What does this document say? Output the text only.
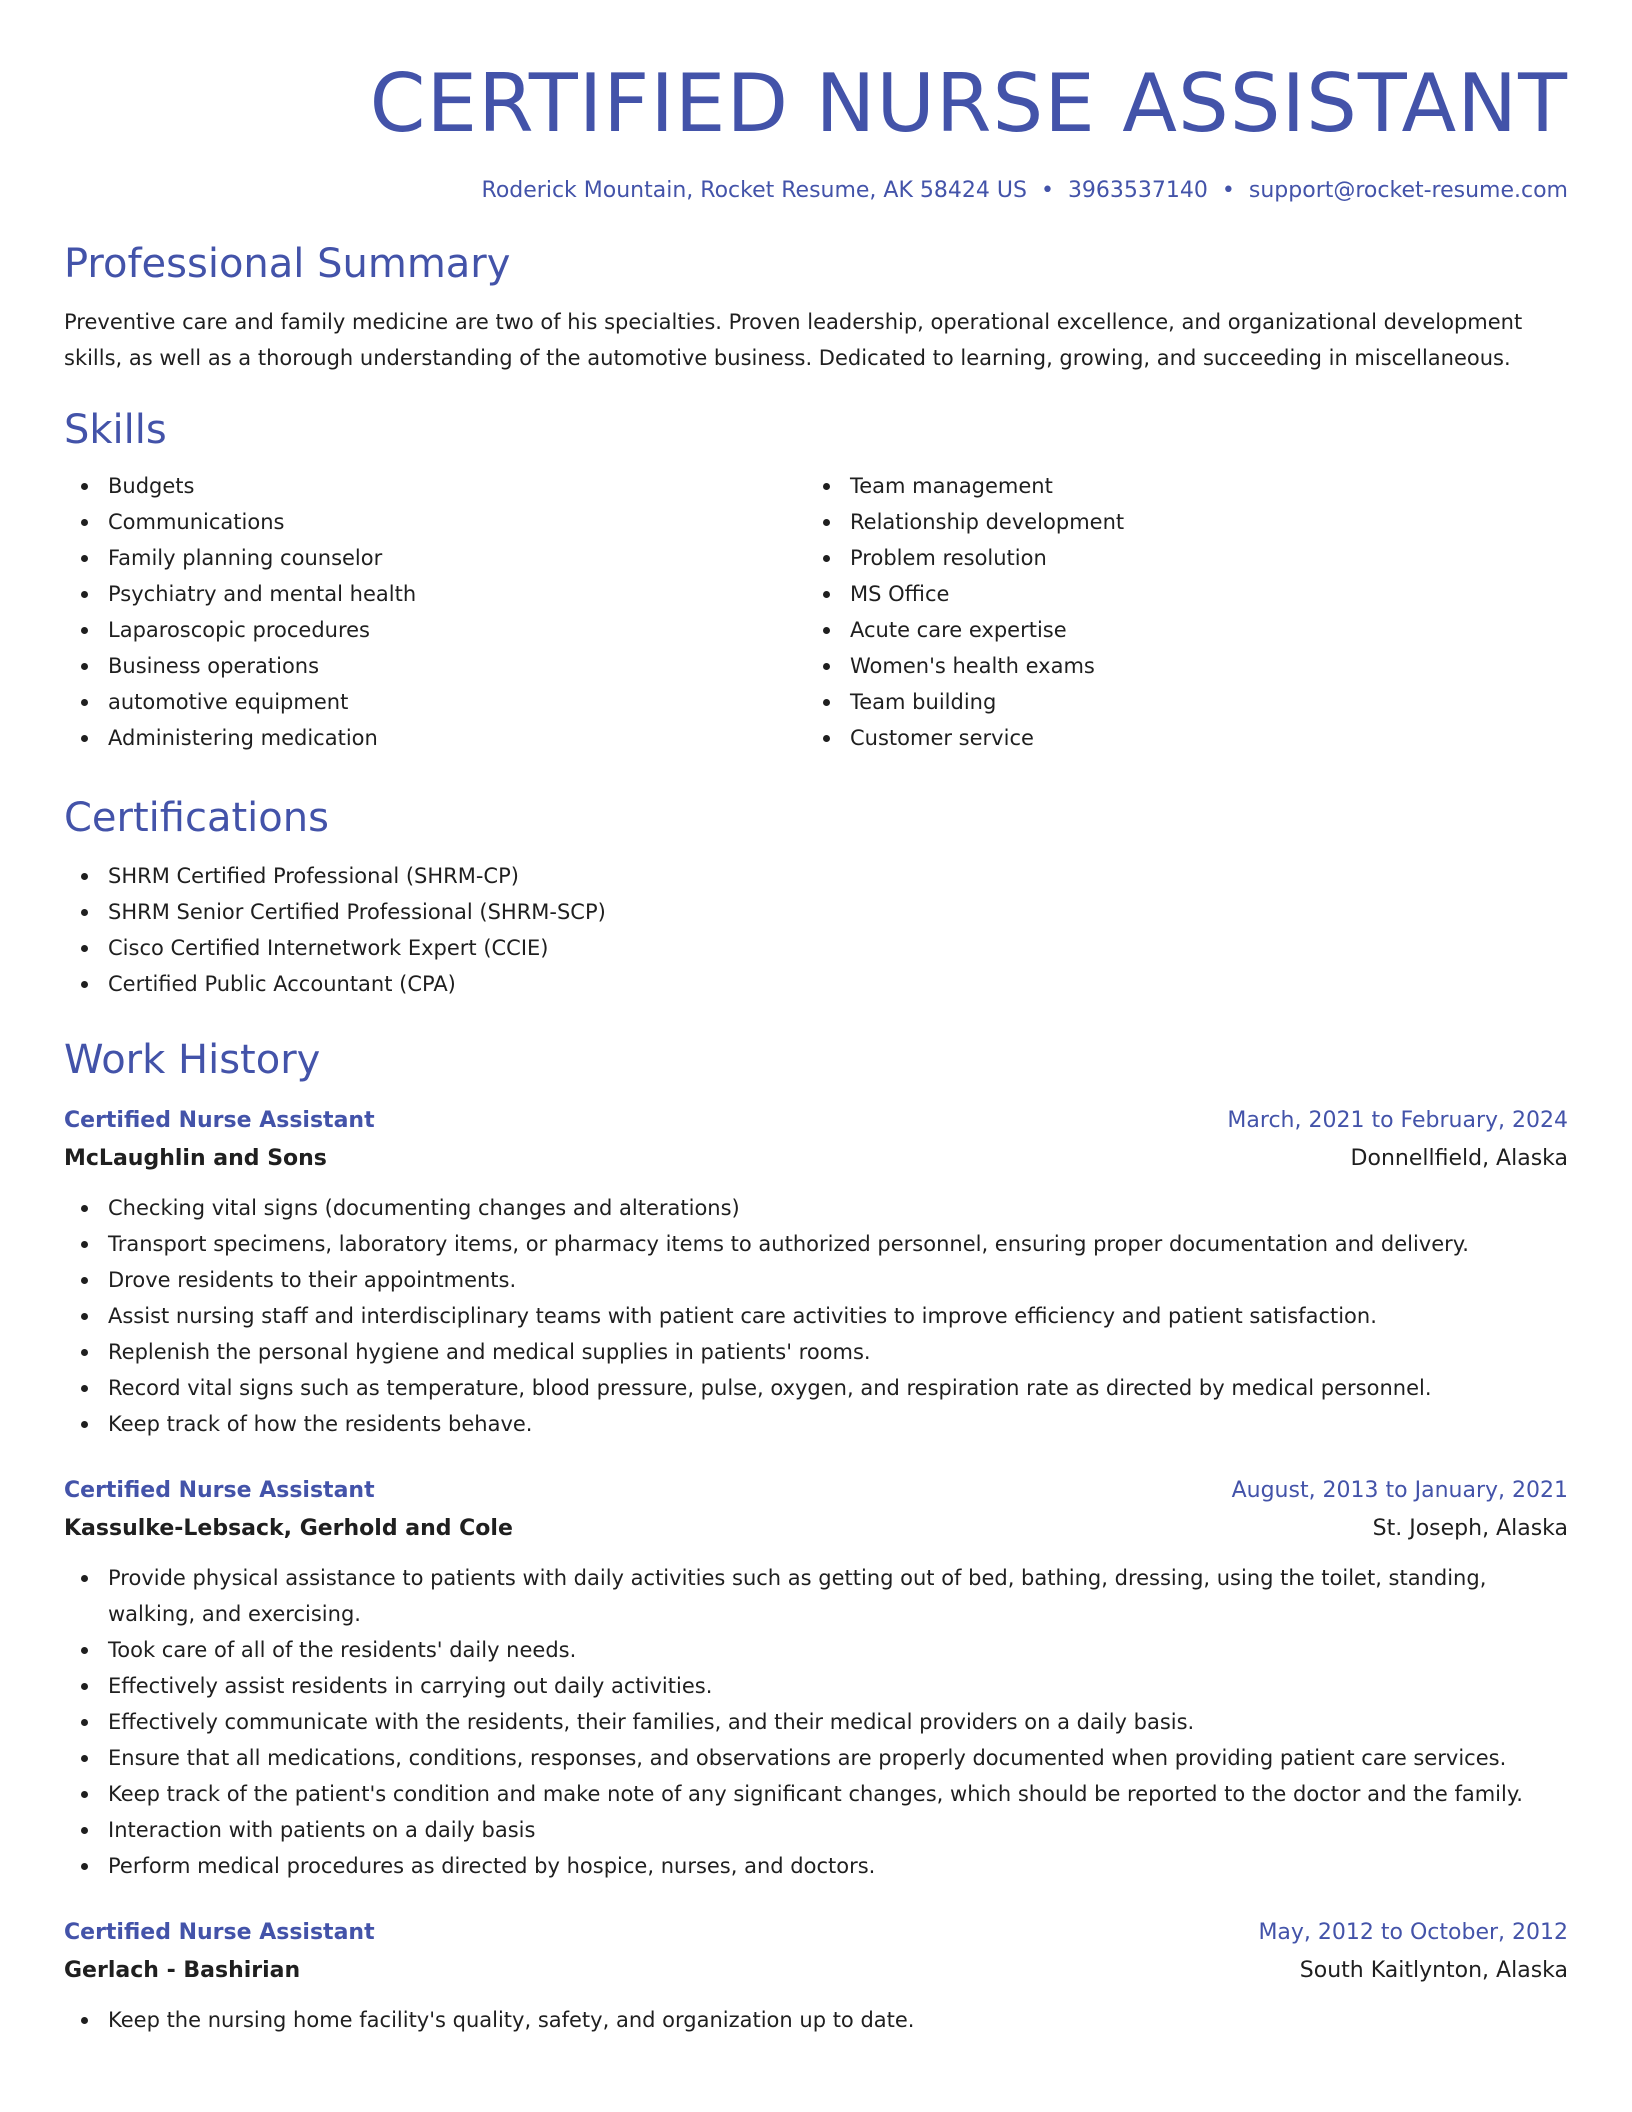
CERTIFIED NURSE ASSISTANT
Roderick Mountain, Rocket Resume, AK 58424 US • 3963537140 • support@rocket-resume.com
Professional Summary
Preventive care and family medicine are two of his specialties. Proven leadership, operational excellence, and organizational development skills, as well as a thorough understanding of the automotive business. Dedicated to learning, growing, and succeeding in miscellaneous.
Skills
Budgets
Communications
Family planning counselor
Psychiatry and mental health
Laparoscopic procedures
Business operations
automotive equipment
Administering medication
Team management
Relationship development
Problem resolution
MS Office
Acute care expertise
Women's health exams
Team building
Customer service
Certifications
SHRM Certified Professional (SHRM-CP)
SHRM Senior Certified Professional (SHRM-SCP)
Cisco Certified Internetwork Expert (CCIE)
Certified Public Accountant (CPA)
Work History
Certified Nurse Assistant	March, 2021 to February, 2024
McLaughlin and Sons	Donnellfield, Alaska
Checking vital signs (documenting changes and alterations)
Transport specimens, laboratory items, or pharmacy items to authorized personnel, ensuring proper documentation and delivery.
Drove residents to their appointments.
Assist nursing staff and interdisciplinary teams with patient care activities to improve efficiency and patient satisfaction.
Replenish the personal hygiene and medical supplies in patients' rooms.
Record vital signs such as temperature, blood pressure, pulse, oxygen, and respiration rate as directed by medical personnel.
Keep track of how the residents behave.
Certified Nurse Assistant	August, 2013 to January, 2021
Kassulke-Lebsack, Gerhold and Cole	St. Joseph, Alaska
Provide physical assistance to patients with daily activities such as getting out of bed, bathing, dressing, using the toilet, standing, walking, and exercising.
Took care of all of the residents' daily needs.
Effectively assist residents in carrying out daily activities.
Effectively communicate with the residents, their families, and their medical providers on a daily basis.
Ensure that all medications, conditions, responses, and observations are properly documented when providing patient care services.
Keep track of the patient's condition and make note of any significant changes, which should be reported to the doctor and the family.
Interaction with patients on a daily basis
Perform medical procedures as directed by hospice, nurses, and doctors.
Certified Nurse Assistant	May, 2012 to October, 2012
Gerlach - Bashirian	South Kaitlynton, Alaska
Keep the nursing home facility's quality, safety, and organization up to date.
